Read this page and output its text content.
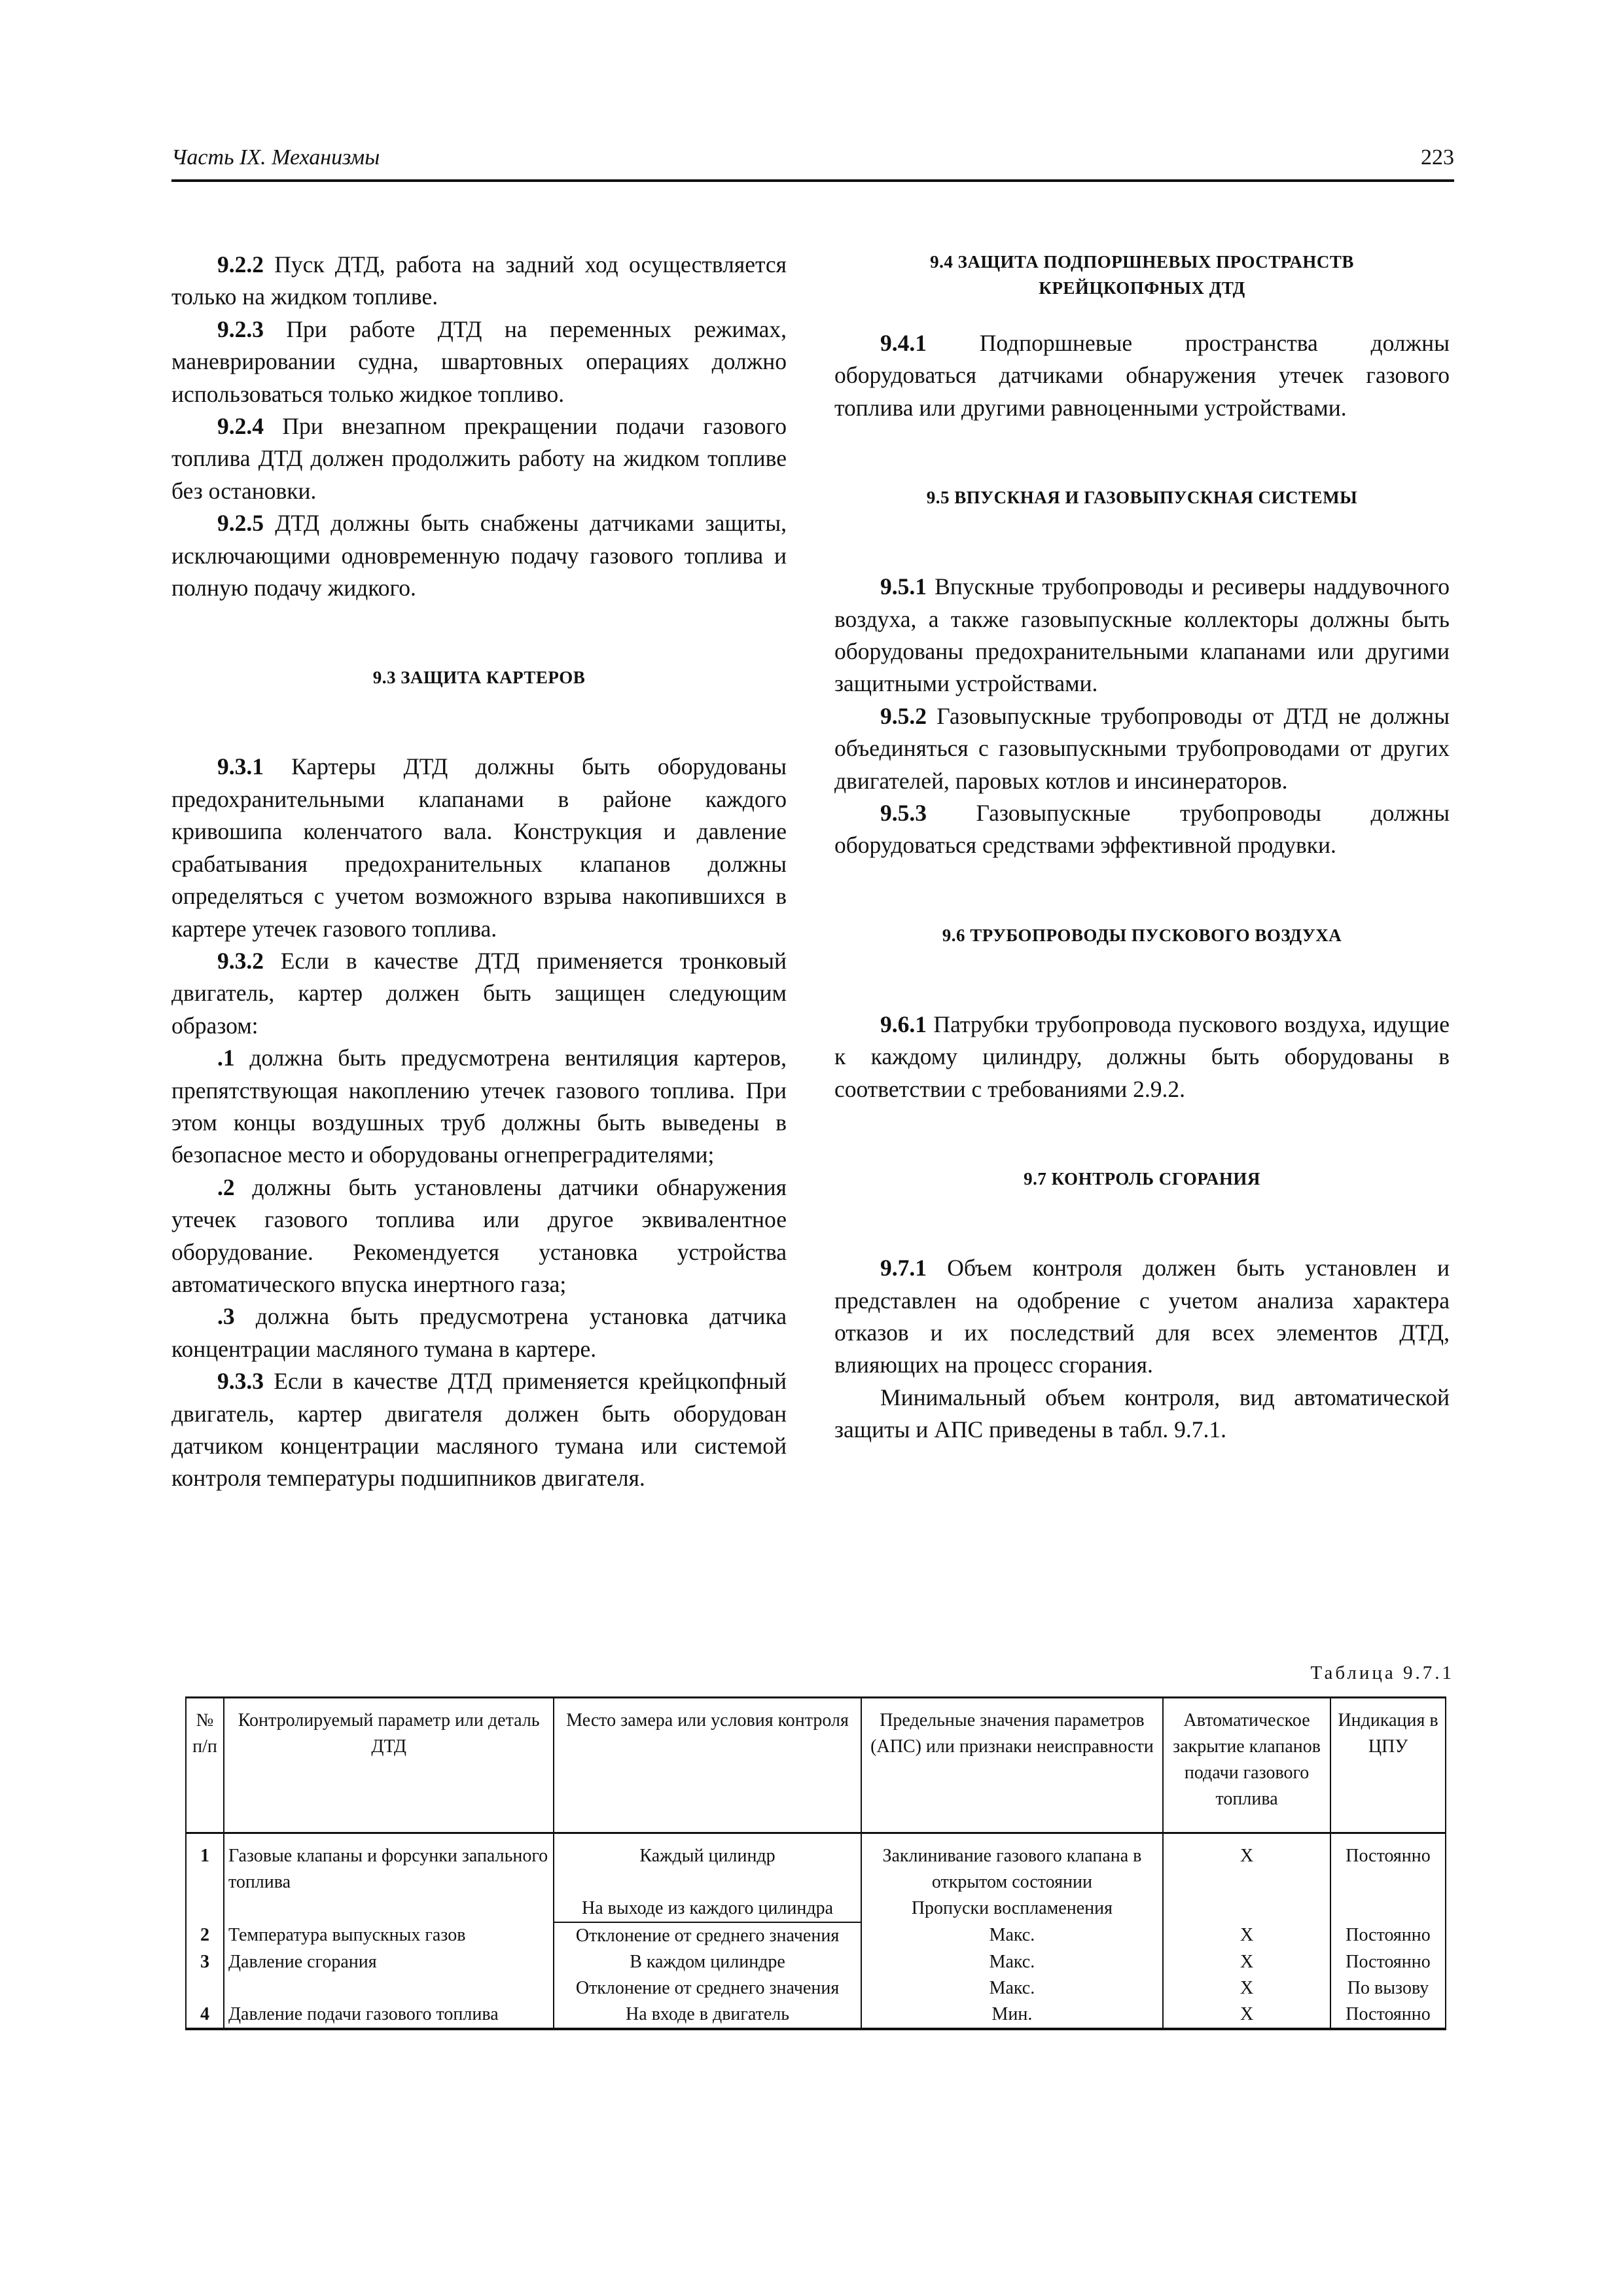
Часть IX. Механизмы	223

9.2.2 Пуск ДТД, работа на задний ход осуществляется только на жидком топливе.

9.2.3 При работе ДТД на переменных режимах, маневрировании судна, швартовных операциях должно использоваться только жидкое топливо.

9.2.4 При внезапном прекращении подачи газового топлива ДТД должен продолжить работу на жидком топливе без остановки.

9.2.5 ДТД должны быть снабжены датчиками защиты, исключающими одновременную подачу газового топлива и полную подачу жидкого.

9.3 ЗАЩИТА КАРТЕРОВ

9.3.1 Картеры ДТД должны быть оборудованы предохранительными клапанами в районе каждого кривошипа коленчатого вала. Конструкция и давление срабатывания предохранительных клапанов должны определяться с учетом возможного взрыва накопившихся в картере утечек газового топлива.

9.3.2 Если в качестве ДТД применяется тронковый двигатель, картер должен быть защищен следующим образом:

.1 должна быть предусмотрена вентиляция картеров, препятствующая накоплению утечек газового топлива. При этом концы воздушных труб должны быть выведены в безопасное место и оборудованы огнепреградителями;

.2 должны быть установлены датчики обнаружения утечек газового топлива или другое эквивалентное оборудование. Рекомендуется установка устройства автоматического впуска инертного газа;

.3 должна быть предусмотрена установка датчика концентрации масляного тумана в картере.

9.3.3 Если в качестве ДТД применяется крейцкопфный двигатель, картер двигателя должен быть оборудован датчиком концентрации масляного тумана или системой контроля температуры подшипников двигателя.

9.4 ЗАЩИТА ПОДПОРШНЕВЫХ ПРОСТРАНСТВ
КРЕЙЦКОПФНЫХ ДТД

9.4.1 Подпоршневые пространства должны оборудоваться датчиками обнаружения утечек газового топлива или другими равноценными устройствами.

9.5 ВПУСКНАЯ И ГАЗОВЫПУСКНАЯ СИСТЕМЫ

9.5.1 Впускные трубопроводы и ресиверы наддувочного воздуха, а также газовыпускные коллекторы должны быть оборудованы предохранительными клапанами или другими защитными устройствами.

9.5.2 Газовыпускные трубопроводы от ДТД не должны объединяться с газовыпускными трубопроводами от других двигателей, паровых котлов и инсинераторов.

9.5.3 Газовыпускные трубопроводы должны оборудоваться средствами эффективной продувки.

9.6 ТРУБОПРОВОДЫ ПУСКОВОГО ВОЗДУХА

9.6.1 Патрубки трубопровода пускового воздуха, идущие к каждому цилиндру, должны быть оборудованы в соответствии с требованиями 2.9.2.

9.7 КОНТРОЛЬ СГОРАНИЯ

9.7.1 Объем контроля должен быть установлен и представлен на одобрение с учетом анализа характера отказов и их последствий для всех элементов ДТД, влияющих на процесс сгорания.

Минимальный объем контроля, вид автоматической защиты и АПС приведены в табл. 9.7.1.

Таблица 9.7.1
№ п/п	Контролируемый параметр или деталь ДТД	Место замера или условия контроля	Предельные значения параметров (АПС) или признаки неисправности	Автоматическое закрытие клапанов подачи газового топлива	Индикация в ЦПУ
1	Газовые клапаны и форсунки запального топлива	Каждый цилиндр	Заклинивание газового клапана в открытом состоянии	Х	Постоянно
		На выходе из каждого цилиндра	Пропуски воспламенения		
2	Температура выпускных газов	Отклонение от среднего значения	Макс.	Х	Постоянно
3	Давление сгорания	В каждом цилиндре	Макс.	Х	Постоянно
		Отклонение от среднего значения	Макс.	Х	По вызову
4	Давление подачи газового топлива	На входе в двигатель	Мин.	Х	Постоянно
